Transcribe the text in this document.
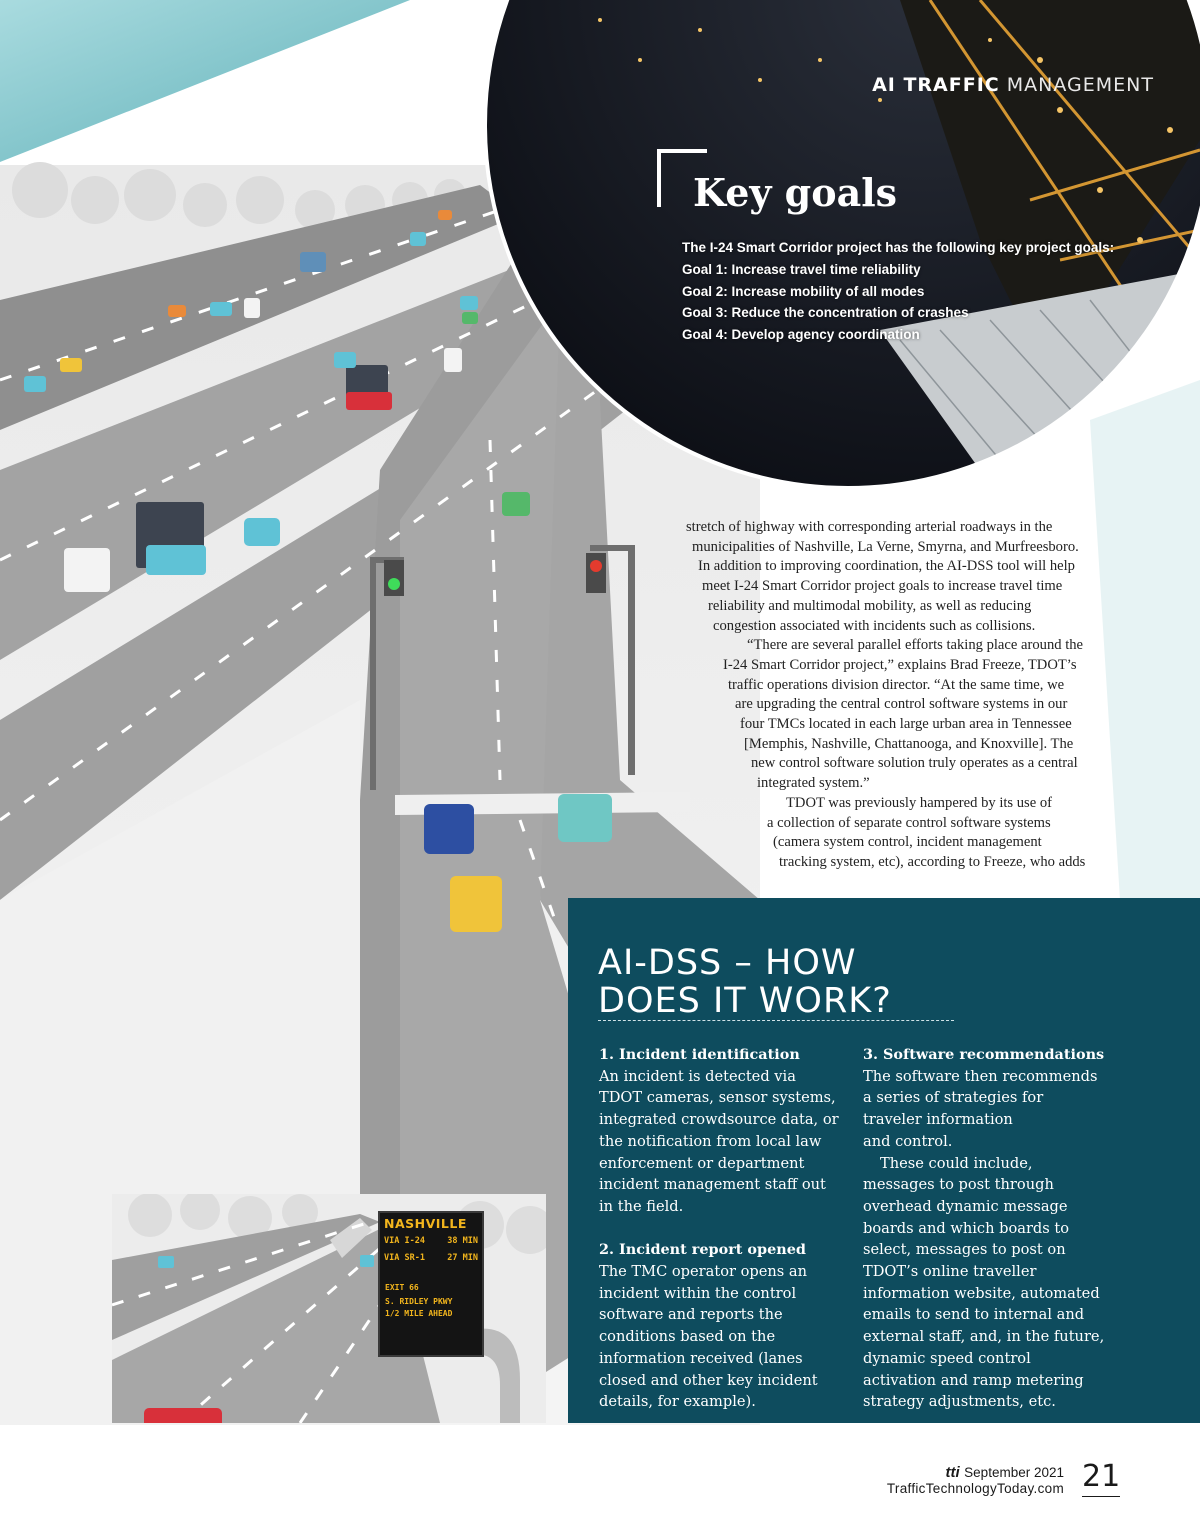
NASHVILLE
VIA I-24	38 MIN
VIA SR-1	27 MIN
EXIT 66
S. RIDLEY PKWY
1/2 MILE AHEAD
AI TRAFFIC MANAGEMENT
Key goals
The I-24 Smart Corridor project has the following key project goals:
Goal 1: Increase travel time reliability
Goal 2: Increase mobility of all modes
Goal 3: Reduce the concentration of crashes
Goal 4: Develop agency coordination
stretch of highway with corresponding arterial roadways in the
municipalities of Nashville, La Verne, Smyrna, and Murfreesboro.
In addition to improving coordination, the AI-DSS tool will help
meet I-24 Smart Corridor project goals to increase travel time
reliability and multimodal mobility, as well as reducing
congestion associated with incidents such as collisions.
“There are several parallel efforts taking place around the
I-24 Smart Corridor project,” explains Brad Freeze, TDOT’s
traffic operations division director. “At the same time, we
are upgrading the central control software systems in our
four TMCs located in each large urban area in Tennessee
[Memphis, Nashville, Chattanooga, and Knoxville]. The
new control software solution truly operates as a central
integrated system.”
TDOT was previously hampered by its use of
a collection of separate control software systems
(camera system control, incident management
tracking system, etc), according to Freeze, who adds
AI-DSS – HOW
DOES IT WORK?
1. Incident identification
An incident is detected via
TDOT cameras, sensor systems,
integrated crowdsource data, or
the notification from local law
enforcement or department
incident management staff out
in the field.
2. Incident report opened
The TMC operator opens an
incident within the control
software and reports the
conditions based on the
information received (lanes
closed and other key incident
details, for example).
3. Software recommendations
The software then recommends
a series of strategies for
traveler information
and control.
These could include,
messages to post through
overhead dynamic message
boards and which boards to
select, messages to post on
TDOT’s online traveller
information website, automated
emails to send to internal and
external staff, and, in the future,
dynamic speed control
activation and ramp metering
strategy adjustments, etc.
tti September 2021
TrafficTechnologyToday.com 21
